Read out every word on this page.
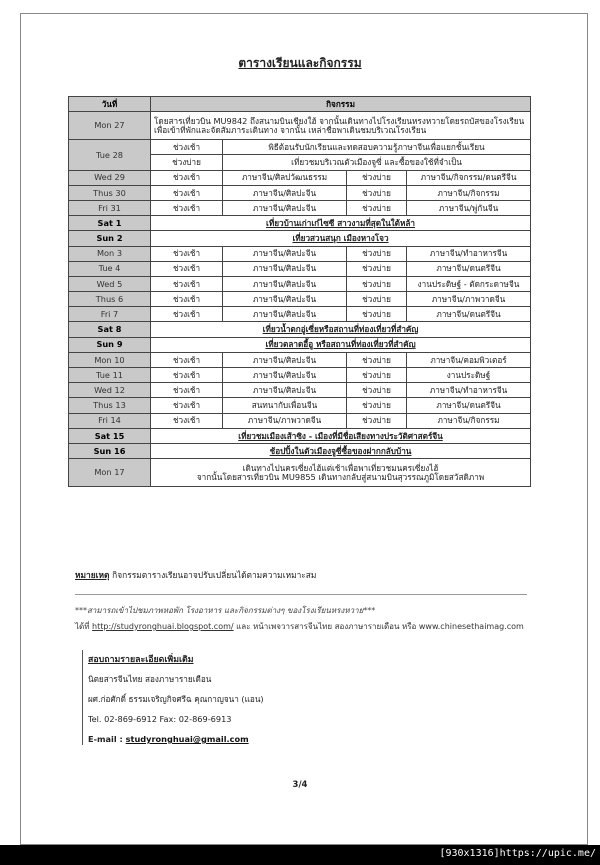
ตารางเรียนและกิจกรรม
วันที่	กิจกรรม			
Mon 27	โดยสารเที่ยวบิน MU9842 ถึงสนามบินเชียงใฮ้ จากนั้นเดินทางไปโรงเรียนหรงหวายโดยรถบัสของโรงเรียน เพื่อเข้าที่พักและจัดสัมภาระเดินทาง จากนั้น เหล่าชื่อพาเดินชมบริเวณโรงเรียน			
Tue 28	ช่วงเช้า	พิธีต้อนรับนักเรียนและทดสอบความรู้ภาษาจีนเพื่อแยกชั้นเรียน		
	ช่วงบ่าย	เที่ยวชมบริเวณตัวเมืองจูซี่ และซื้อของใช้ที่จำเป็น		
Wed 29	ช่วงเช้า	ภาษาจีน/ศิลปวัฒนธรรม	ช่วงบ่าย	ภาษาจีน/กิจกรรม/ดนตรีจีน
Thus 30	ช่วงเช้า	ภาษาจีน/ศิลปะจีน	ช่วงบ่าย	ภาษาจีน/กิจกรรม
Fri 31	ช่วงเช้า	ภาษาจีน/ศิลปะจีน	ช่วงบ่าย	ภาษาจีน/พู่กันจีน
Sat 1	เที่ยวบ้านเก่าเก๋ไซซี สาวงามที่สุดในใต้หล้า			
Sun 2	เที่ยวสวนสนุก เมืองหางโจว			
Mon 3	ช่วงเช้า	ภาษาจีน/ศิลปะจีน	ช่วงบ่าย	ภาษาจีน/ทำอาหารจีน
Tue 4	ช่วงเช้า	ภาษาจีน/ศิลปะจีน	ช่วงบ่าย	ภาษาจีน/ดนตรีจีน
Wed 5	ช่วงเช้า	ภาษาจีน/ศิลปะจีน	ช่วงบ่าย	งานประดิษฐ์ - ตัดกระดาษจีน
Thus 6	ช่วงเช้า	ภาษาจีน/ศิลปะจีน	ช่วงบ่าย	ภาษาจีน/ภาพวาดจีน
Fri 7	ช่วงเช้า	ภาษาจีน/ศิลปะจีน	ช่วงบ่าย	ภาษาจีน/ดนตรีจีน
Sat 8	เที่ยวน้ำตกอู่เซี่ยหรือสถานที่ท่องเที่ยวที่สำคัญ			
Sun 9	เที่ยวตลาดอี้อู หรือสถานที่ท่องเที่ยวที่สำคัญ			
Mon 10	ช่วงเช้า	ภาษาจีน/ศิลปะจีน	ช่วงบ่าย	ภาษาจีน/คอมพิวเตอร์
Tue 11	ช่วงเช้า	ภาษาจีน/ศิลปะจีน	ช่วงบ่าย	งานประดิษฐ์
Wed 12	ช่วงเช้า	ภาษาจีน/ศิลปะจีน	ช่วงบ่าย	ภาษาจีน/ทำอาหารจีน
Thus 13	ช่วงเช้า	สนทนากับเพื่อนจีน	ช่วงบ่าย	ภาษาจีน/ดนตรีจีน
Fri 14	ช่วงเช้า	ภาษาจีน/ภาพวาดจีน	ช่วงบ่าย	ภาษาจีน/กิจกรรม
Sat 15	เที่ยวชมเมืองเส้าซิง - เมืองที่มีชื่อเสียงทางประวัติศาสตร์จีน			
Sun 16	ช้อปปิ้งในตัวเมืองจูซี่ซื้อของฝากกลับบ้าน			
Mon 17	เดินทางไปนครเซี่ยงไฮ้แต่เช้าเพื่อพาเที่ยวชมนครเซี่ยงไฮ้
จากนั้นโดยสารเที่ยวบิน MU9855 เดินทางกลับสู่สนามบินสุวรรณภูมิโดยสวัสดิภาพ			
หมายเหตุ กิจกรรมตารางเรียนอาจปรับเปลี่ยนได้ตามความเหมาะสม
***สามารถเข้าไปชมภาพหอพัก โรงอาหาร และกิจกรรมต่างๆ ของโรงเรียนหรงหวาย***
ได้ที่ http://studyronghuai.blogspot.com/ และ หน้าเพจวารสารจีนไทย สองภาษารายเดือน หรือ www.chinesethaimag.com
สอบถามรายละเอียดเพิ่มเติม
นิตยสารจีนไทย สองภาษารายเดือน
ผศ.ก่อศักดิ์ ธรรมเจริญกิจศรีฉ คุณกาญจนา (แอน)
Tel. 02-869-6912 Fax: 02-869-6913
E-mail : studyronghuai@gmail.com
3/4
[930x1316]https://upic.me/
